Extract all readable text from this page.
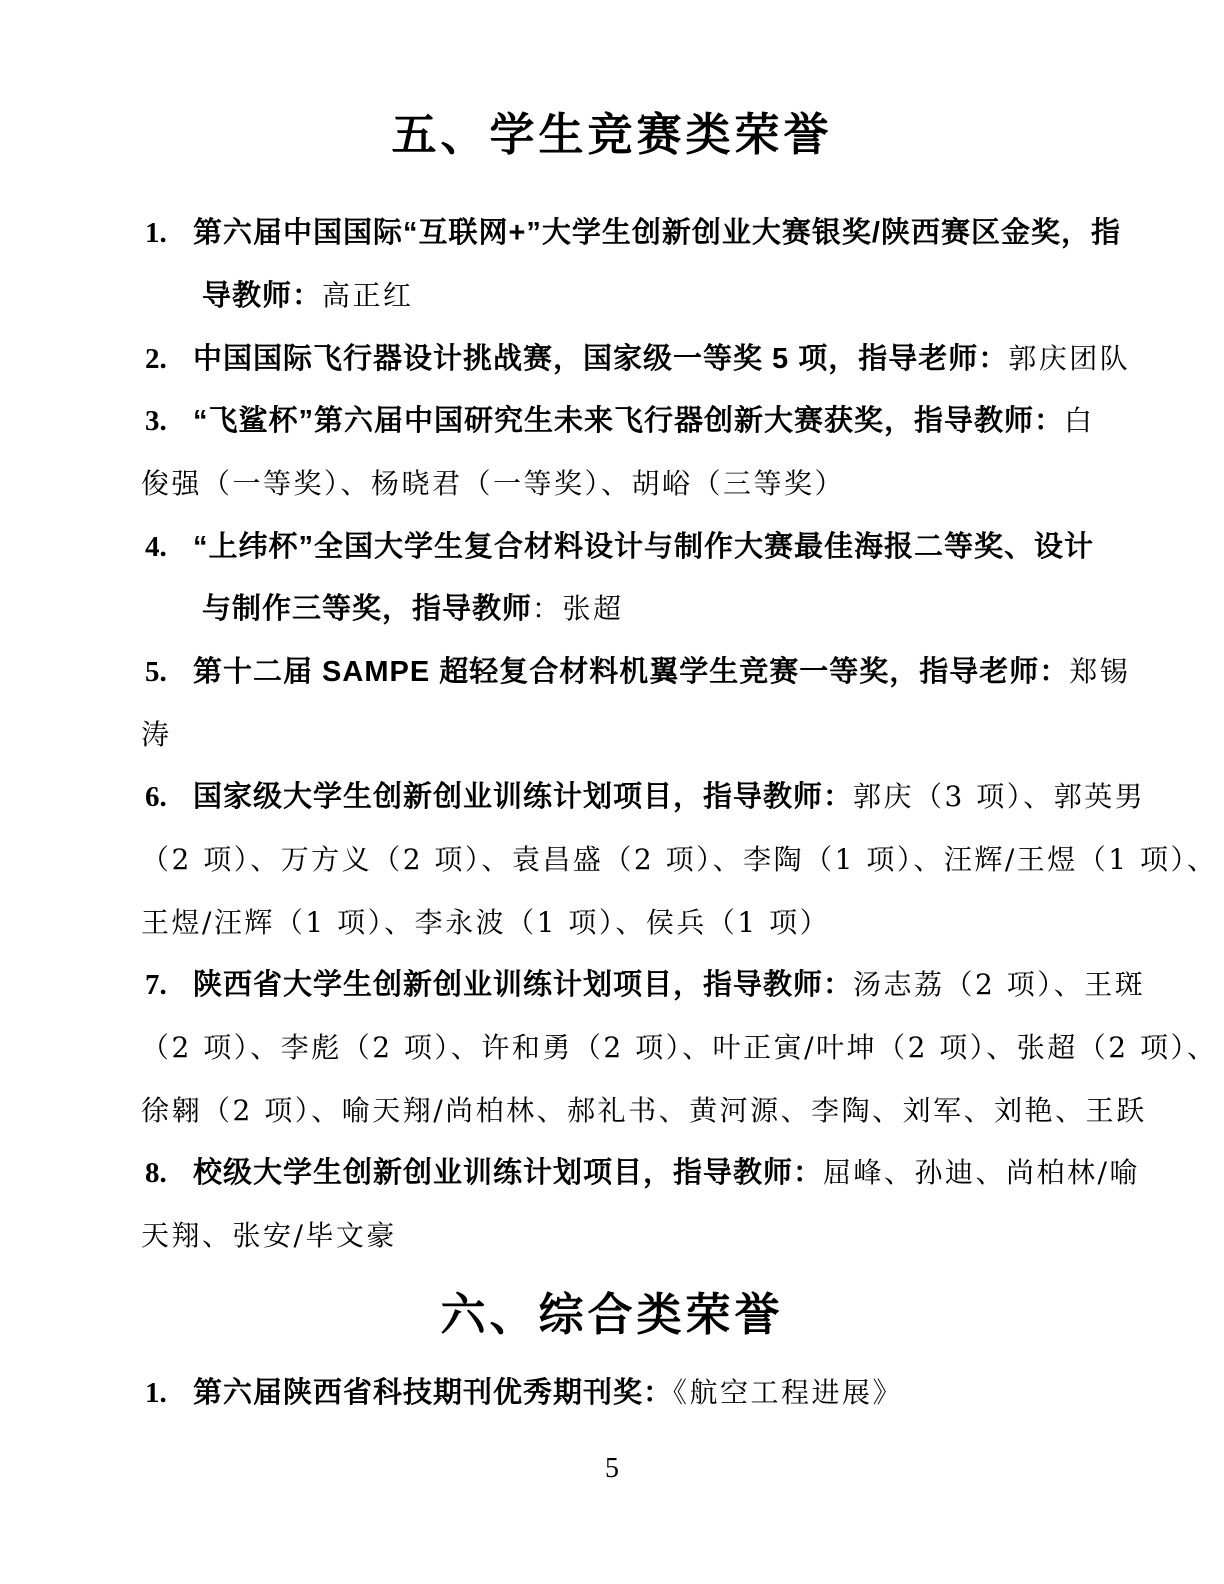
五、学生竞赛类荣誉
1. 第六届中国国际“互联网+”大学生创新创业大赛银奖/陕西赛区金奖，指
导教师：高正红
2. 中国国际飞行器设计挑战赛，国家级一等奖 5 项，指导老师：郭庆团队
3. “飞鲨杯”第六届中国研究生未来飞行器创新大赛获奖，指导教师：白
俊强（一等奖）、杨晓君（一等奖）、胡峪（三等奖）
4. “上纬杯”全国大学生复合材料设计与制作大赛最佳海报二等奖、设计
与制作三等奖，指导教师：张超
5. 第十二届 SAMPE 超轻复合材料机翼学生竞赛一等奖，指导老师：郑锡
涛
6. 国家级大学生创新创业训练计划项目，指导教师：郭庆（3 项）、郭英男
（2 项）、万方义（2 项）、袁昌盛（2 项）、李陶（1 项）、汪辉/王煜（1 项）、
王煜/汪辉（1 项）、李永波（1 项）、侯兵（1 项）
7. 陕西省大学生创新创业训练计划项目，指导教师：汤志荔（2 项）、王斑
（2 项）、李彪（2 项）、许和勇（2 项）、叶正寅/叶坤（2 项）、张超（2 项）、
徐翱（2 项）、喻天翔/尚柏林、郝礼书、黄河源、李陶、刘军、刘艳、王跃
8. 校级大学生创新创业训练计划项目，指导教师：屈峰、孙迪、尚柏林/喻
天翔、张安/毕文豪
六、综合类荣誉
1. 第六届陕西省科技期刊优秀期刊奖：《航空工程进展》
5
